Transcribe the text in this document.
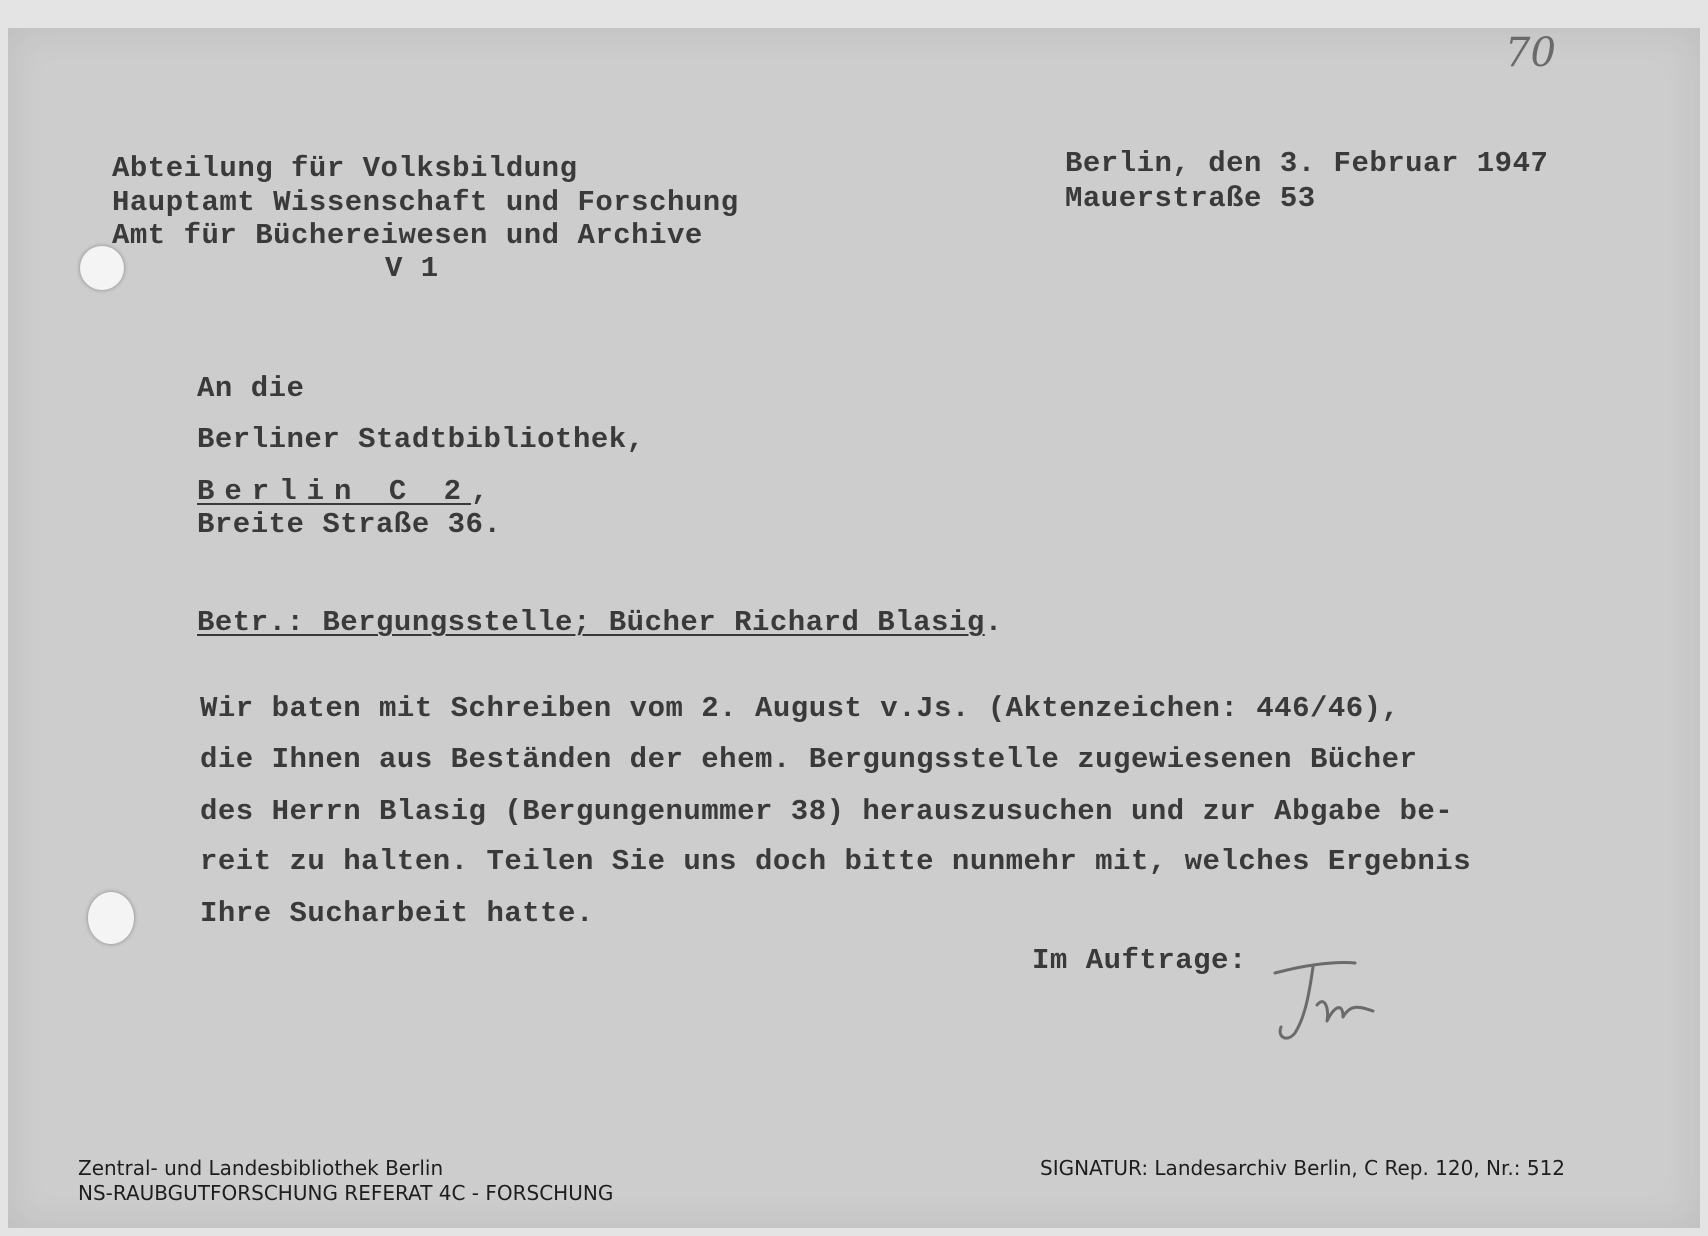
70
Abteilung für Volksbildung
Hauptamt Wissenschaft und Forschung
Amt für Büchereiwesen und Archive
V 1
Berlin, den 3. Februar 1947
Mauerstraße 53
An die
Berliner Stadtbibliothek,
Berlin C 2,
Breite Straße 36.
Betr.: Bergungsstelle; Bücher Richard Blasig.
Wir baten mit Schreiben vom 2. August v.Js. (Aktenzeichen: 446/46),
die Ihnen aus Beständen der ehem. Bergungsstelle zugewiesenen Bücher
des Herrn Blasig (Bergungenummer 38) herauszusuchen und zur Abgabe be-
reit zu halten. Teilen Sie uns doch bitte nunmehr mit, welches Ergebnis
Ihre Sucharbeit hatte.
Im Auftrage:
Zentral- und Landesbibliothek Berlin
NS-RAUBGUTFORSCHUNG REFERAT 4C - FORSCHUNG
SIGNATUR: Landesarchiv Berlin, C Rep. 120, Nr.: 512
